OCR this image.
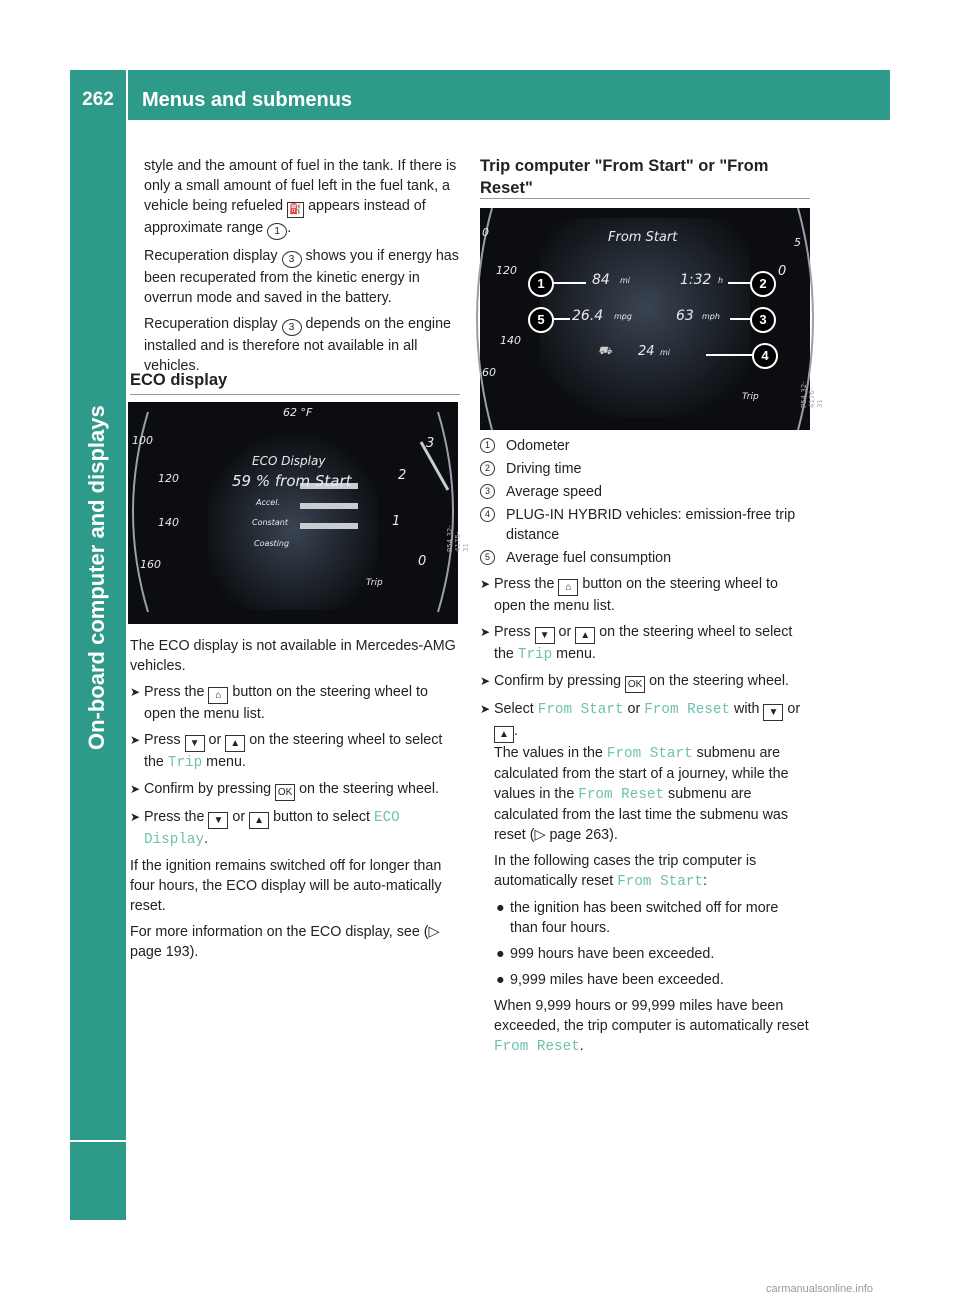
262	Menus and submenus
On-board computer and displays

style and the amount of fuel in the tank. If there is only a small amount of fuel left in the fuel tank, a vehicle being refueled ⛽ appears instead of approximate range 1 .

Recuperation display 3 shows you if energy has been recuperated from the kinetic energy in overrun mode and saved in the battery.

Recuperation display 3 depends on the engine installed and is therefore not available in all vehicles.

ECO display
62 °F
ECO Display
59 % from Start
Accel.
Constant
Coasting
Trip
100
120
140
160
3
2
1
0
P54.32-4175-31

The ECO display is not available in Mercedes-AMG vehicles.

➤ Press the ⌂ button on the steering wheel to open the menu list.
➤ Press ▼ or ▲ on the steering wheel to select the Trip menu.
➤ Confirm by pressing OK on the steering wheel.
➤ Press the ▼ or ▲ button to select ECO Display.

If the ignition remains switched off for longer than four hours, the ECO display will be auto-matically reset.

For more information on the ECO display, see (▷ page 193).

Trip computer "From Start" or "From Reset"
From Start
84 mi	1:32 h
26.4 mpg	63 mph
⛟ 24 mi
Trip
0
120
140
60
5
0
P54.32-4176-31
1
5
2
3
4
1	Odometer
2	Driving time
3	Average speed
4	PLUG-IN HYBRID vehicles: emission-free trip distance
5	Average fuel consumption
➤ Press the ⌂ button on the steering wheel to open the menu list.
➤ Press ▼ or ▲ on the steering wheel to select the Trip menu.
➤ Confirm by pressing OK on the steering wheel.
➤ Select From Start or From Reset with ▼ or ▲ .

The values in the From Start submenu are calculated from the start of a journey, while the values in the From Reset submenu are calculated from the last time the submenu was reset (▷ page 263).

In the following cases the trip computer is automatically reset From Start:

● the ignition has been switched off for more than four hours.
● 999 hours have been exceeded.
● 9,999 miles have been exceeded.

When 9,999 hours or 99,999 miles have been exceeded, the trip computer is automatically reset From Reset.

carmanualsonline.info
